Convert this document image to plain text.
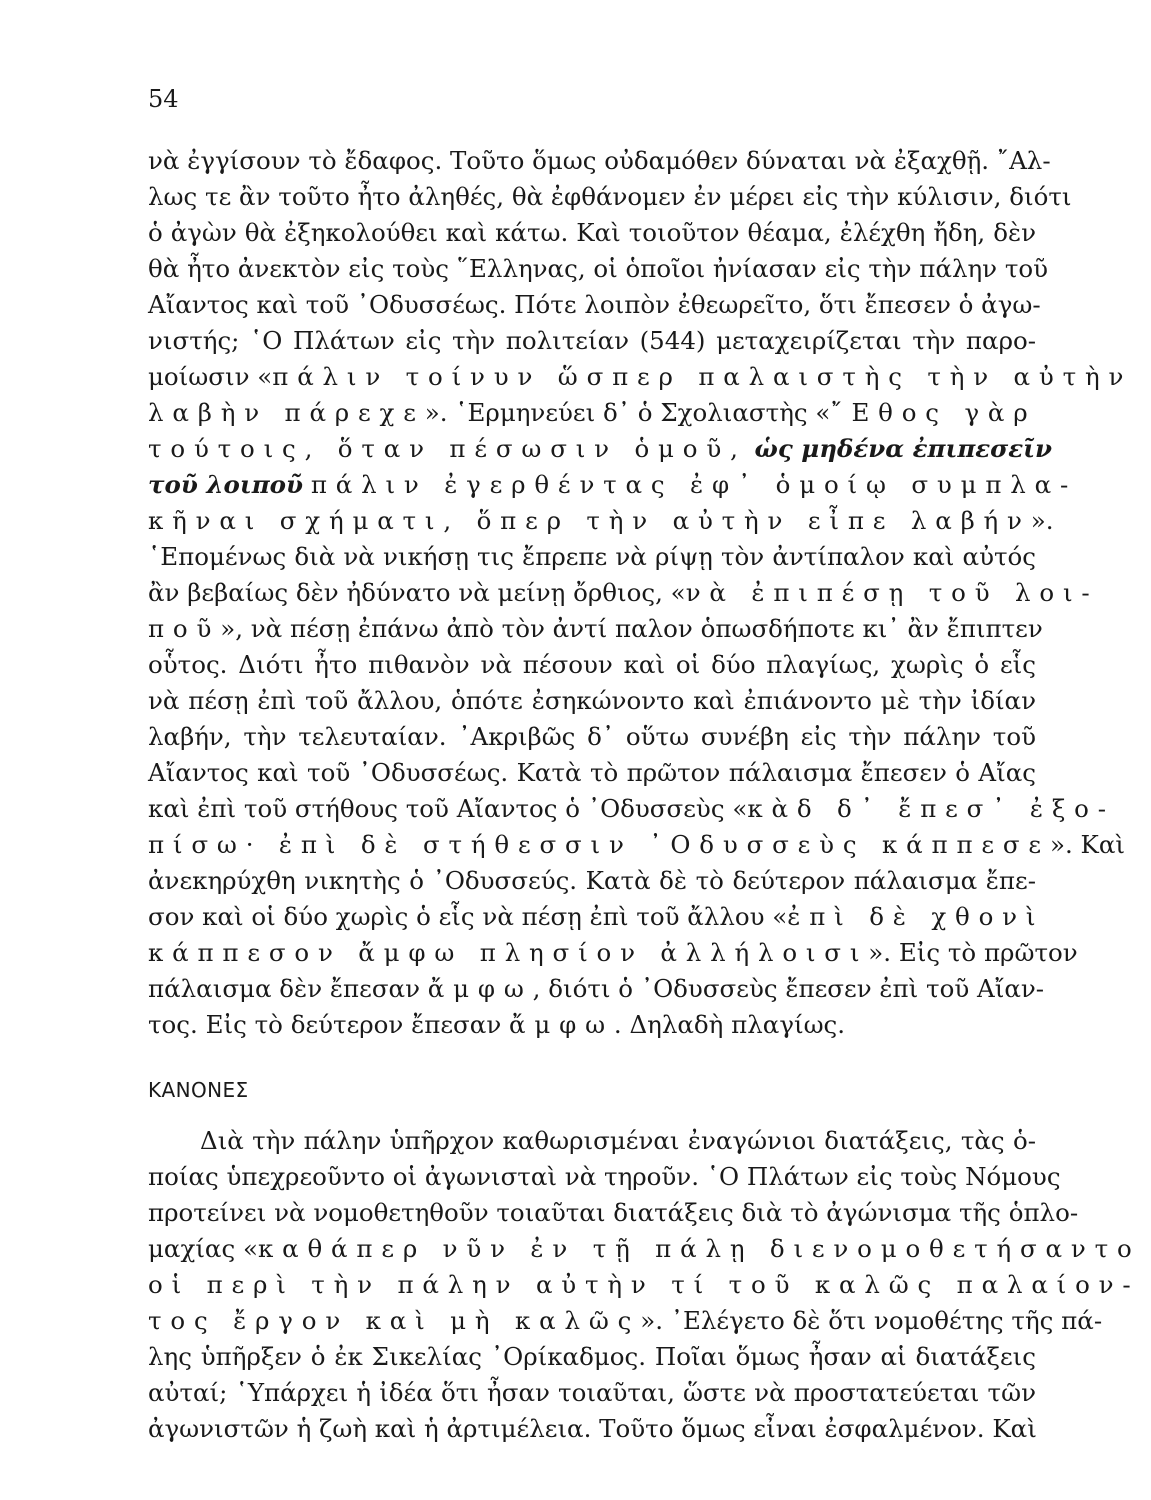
54
νὰ ἐγγίσουν τὸ ἔδαφος. Τοῦτο ὅμως οὐδαμόθεν δύναται νὰ ἐξαχθῇ. ῎Αλ-
λως τε ἂν τοῦτο ἦτο ἀληθές, θὰ ἐφθάνομεν ἐν μέρει εἰς τὴν κύλισιν, διότι
ὁ ἀγὼν θὰ ἐξηκολούθει καὶ κάτω. Καὶ τοιοῦτον θέαμα, ἐλέχθη ἤδη, δὲν
θὰ ἦτο ἀνεκτὸν εἰς τοὺς ῞Ελληνας, οἱ ὁποῖοι ἠνίασαν εἰς τὴν πάλην τοῦ
Αἴαντος καὶ τοῦ ᾿Οδυσσέως. Πότε λοιπὸν ἐθεωρεῖτο, ὅτι ἔπεσεν ὁ ἀγω-
νιστής; ῾Ο Πλάτων εἰς τὴν πολιτείαν (544) μεταχειρίζεται τὴν παρο-
μοίωσιν «πάλιν τοίνυν ὥσπερ παλαιστὴς τὴν αὐτὴν
λαβὴν πάρεχε». ῾Ερμηνεύει δ᾿ ὁ Σχολιαστὴς «῎Εθος γὰρ
τούτοις, ὅταν πέσωσιν ὁμοῦ, ὡς μηδένα ἐπιπεσεῖν
τοῦ λοιποῦ πάλιν ἐγερθέντας ἐφ᾿ ὁμοίῳ συμπλα-
κῆναι σχήματι, ὅπερ τὴν αὐτὴν εἶπε λαβήν».
῾Επομένως διὰ νὰ νικήσῃ τις ἔπρεπε νὰ ρίψῃ τὸν ἀντίπαλον καὶ αὐτός
ἂν βεβαίως δὲν ἠδύνατο νὰ μείνῃ ὄρθιος, «νὰ ἐπιπέσῃ τοῦ λοι-
ποῦ», νὰ πέσῃ ἐπάνω ἀπὸ τὸν ἀντί παλον ὁπωσδήποτε κι᾿ ἂν ἔπιπτεν
οὗτος. Διότι ἦτο πιθανὸν νὰ πέσουν καὶ οἱ δύο πλαγίως, χωρὶς ὁ εἷς
νὰ πέσῃ ἐπὶ τοῦ ἄλλου, ὁπότε ἐσηκώνοντο καὶ ἐπιάνοντο μὲ τὴν ἰδίαν
λαβήν, τὴν τελευταίαν. ᾿Ακριβῶς δ᾿ οὕτω συνέβη εἰς τὴν πάλην τοῦ
Αἴαντος καὶ τοῦ ᾿Οδυσσέως. Κατὰ τὸ πρῶτον πάλαισμα ἔπεσεν ὁ Αἴας
καὶ ἐπὶ τοῦ στήθους τοῦ Αἴαντος ὁ ᾿Οδυσσεὺς «κὰδ δ᾿ ἔπεσ᾿ ἐξο-
πίσω· ἐπὶ δὲ στήθεσσιν ᾿Οδυσσεὺς κάππεσε». Καὶ
ἀνεκηρύχθη νικητὴς ὁ ᾿Οδυσσεύς. Κατὰ δὲ τὸ δεύτερον πάλαισμα ἔπε-
σον καὶ οἱ δύο χωρὶς ὁ εἷς νὰ πέσῃ ἐπὶ τοῦ ἄλλου «ἐπὶ δὲ χθονὶ
κάππεσον ἄμφω πλησίον ἀλλήλοισι». Εἰς τὸ πρῶτον
πάλαισμα δὲν ἔπεσαν ἄμφω, διότι ὁ ᾿Οδυσσεὺς ἔπεσεν ἐπὶ τοῦ Αἴαν-
τος. Εἰς τὸ δεύτερον ἔπεσαν ἄμφω. Δηλαδὴ πλαγίως.
ΚΑΝΟΝΕΣ
Διὰ τὴν πάλην ὑπῆρχον καθωρισμέναι ἐναγώνιοι διατάξεις, τὰς ὁ-
ποίας ὑπεχρεοῦντο οἱ ἀγωνισταὶ νὰ τηροῦν. ῾Ο Πλάτων εἰς τοὺς Νόμους
προτείνει νὰ νομοθετηθοῦν τοιαῦται διατάξεις διὰ τὸ ἀγώνισμα τῆς ὁπλο-
μαχίας «καθάπερ νῦν ἐν τῇ πάλῃ διενομοθετήσαντο
οἱ περὶ τὴν πάλην αὐτὴν τί τοῦ καλῶς παλαίον-
τος ἔργον καὶ μὴ καλῶς». ᾿Ελέγετο δὲ ὅτι νομοθέτης τῆς πά-
λης ὑπῆρξεν ὁ ἐκ Σικελίας ᾿Ορίκαδμος. Ποῖαι ὅμως ἦσαν αἱ διατάξεις
αὐταί; ῾Υπάρχει ἡ ἰδέα ὅτι ἦσαν τοιαῦται, ὥστε νὰ προστατεύεται τῶν
ἀγωνιστῶν ἡ ζωὴ καὶ ἡ ἀρτιμέλεια. Τοῦτο ὅμως εἶναι ἐσφαλμένον. Καὶ
